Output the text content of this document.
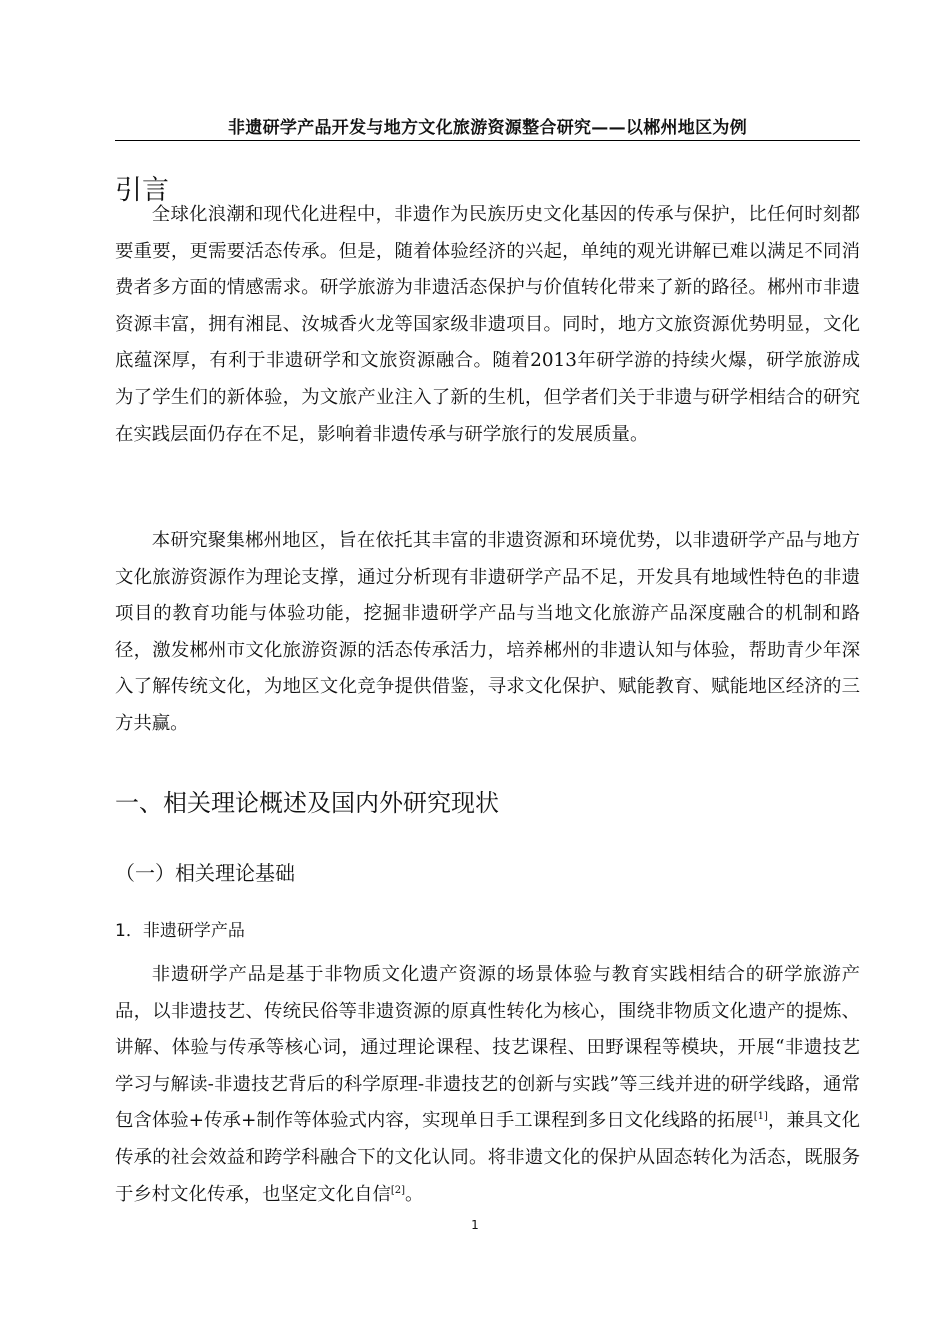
非遗研学产品开发与地方文化旅游资源整合研究——以郴州地区为例
引言

全球化浪潮和现代化进程中，非遗作为民族历史文化基因的传承与保护，比任何时刻都要重要，更需要活态传承。但是，随着体验经济的兴起，单纯的观光讲解已难以满足不同消费者多方面的情感需求。研学旅游为非遗活态保护与价值转化带来了新的路径。郴州市非遗资源丰富，拥有湘昆、汝城香火龙等国家级非遗项目。同时，地方文旅资源优势明显，文化底蕴深厚，有利于非遗研学和文旅资源融合。随着2013年研学游的持续火爆，研学旅游成为了学生们的新体验，为文旅产业注入了新的生机，但学者们关于非遗与研学相结合的研究在实践层面仍存在不足，影响着非遗传承与研学旅行的发展质量。

本研究聚集郴州地区，旨在依托其丰富的非遗资源和环境优势，以非遗研学产品与地方文化旅游资源作为理论支撑，通过分析现有非遗研学产品不足，开发具有地域性特色的非遗项目的教育功能与体验功能，挖掘非遗研学产品与当地文化旅游产品深度融合的机制和路径，激发郴州市文化旅游资源的活态传承活力，培养郴州的非遗认知与体验，帮助青少年深入了解传统文化，为地区文化竞争提供借鉴，寻求文化保护、赋能教育、赋能地区经济的三方共赢。

一、相关理论概述及国内外研究现状
（一）相关理论基础
1．非遗研学产品

非遗研学产品是基于非物质文化遗产资源的场景体验与教育实践相结合的研学旅游产品，以非遗技艺、传统民俗等非遗资源的原真性转化为核心，围绕非物质文化遗产的提炼、讲解、体验与传承等核心词，通过理论课程、技艺课程、田野课程等模块，开展“非遗技艺学习与解读-非遗技艺背后的科学原理-非遗技艺的创新与实践”等三线并进的研学线路，通常包含体验+传承+制作等体验式内容，实现单日手工课程到多日文化线路的拓展[1]，兼具文化传承的社会效益和跨学科融合下的文化认同。将非遗文化的保护从固态转化为活态，既服务于乡村文化传承，也坚定文化自信[2]。

1
